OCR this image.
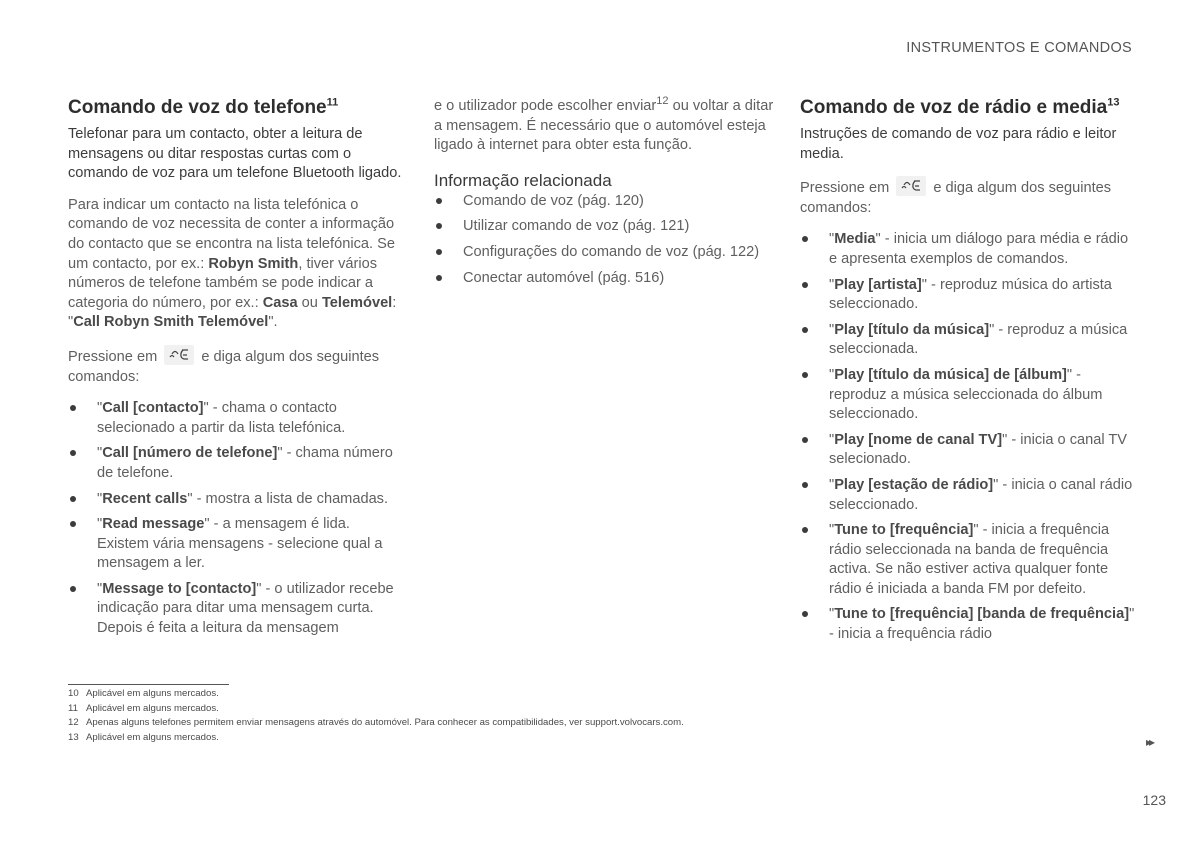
INSTRUMENTOS E COMANDOS
Comando de voz do telefone$^{11}$

Telefonar para um contacto, obter a leitura de mensagens ou ditar respostas curtas com o comando de voz para um telefone Bluetooth ligado.

Para indicar um contacto na lista telefónica o comando de voz necessita de conter a informação do contacto que se encontra na lista telefónica. Se um contacto, por ex.: Robyn Smith, tiver vários números de telefone também se pode indicar a categoria do número, por ex.: Casa ou Telemóvel: "Call Robyn Smith Telemóvel".

Pressione em	e diga algum dos seguintes comandos:

"Call [contacto]" - chama o contacto selecionado a partir da lista telefónica.
"Call [número de telefone]" - chama número de telefone.
"Recent calls" - mostra a lista de chamadas.
"Read message" - a mensagem é lida. Existem vária mensagens - selecione qual a mensagem a ler.
"Message to [contacto]" - o utilizador recebe indicação para ditar uma mensagem curta. Depois é feita a leitura da mensagem

e o utilizador pode escolher enviar$^{12}$ ou voltar a ditar a mensagem. É necessário que o automóvel esteja ligado à internet para obter esta função.

Informação relacionada
Comando de voz (pág. 120)
Utilizar comando de voz (pág. 121)
Configurações do comando de voz (pág. 122)
Conectar automóvel (pág. 516)
Comando de voz de rádio e media$^{13}$

Instruções de comando de voz para rádio e leitor media.

Pressione em	e diga algum dos seguintes comandos:

"Media" - inicia um diálogo para média e rádio e apresenta exemplos de comandos.
"Play [artista]" - reproduz música do artista seleccionado.
"Play [título da música]" - reproduz a música seleccionada.
"Play [título da música] de [álbum]" - reproduz a música seleccionada do álbum seleccionado.
"Play [nome de canal TV]" - inicia o canal TV selecionado.
"Play [estação de rádio]" - inicia o canal rádio seleccionado.
"Tune to [frequência]" - inicia a frequência rádio seleccionada na banda de frequência activa. Se não estiver activa qualquer fonte rádio é iniciada a banda FM por defeito.
"Tune to [frequência] [banda de frequência]" - inicia a frequência rádio
10 Aplicável em alguns mercados.
11 Aplicável em alguns mercados.
12 Apenas alguns telefones permitem enviar mensagens através do automóvel. Para conhecer as compatibilidades, ver support.volvocars.com.
13 Aplicável em alguns mercados.	▸▸
123
